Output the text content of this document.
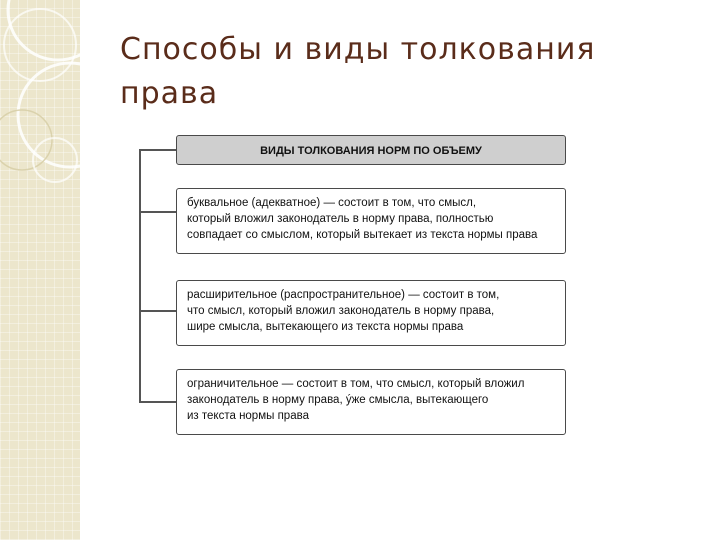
Способы и виды толкования
права
ВИДЫ ТОЛКОВАНИЯ НОРМ ПО ОБЪЕМУ
буквальное (адекватное) — состоит в том, что смысл,
который вложил законодатель в норму права, полностью
совпадает со смыслом, который вытекает из текста нормы права
расширительное (распространительное) — состоит в том,
что смысл, который вложил законодатель в норму права,
шире смысла, вытекающего из текста нормы права
ограничительное — состоит в том, что смысл, который вложил
законодатель в норму права, ýже смысла, вытекающего
из текста нормы права
